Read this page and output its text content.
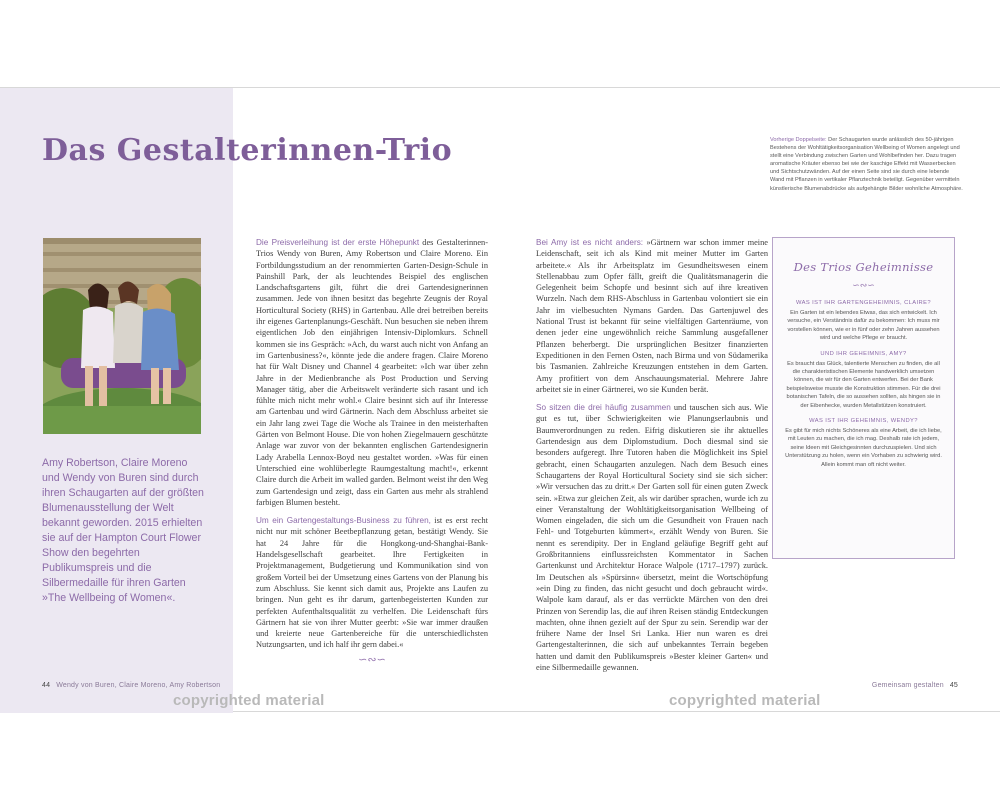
Das Gestalterinnen-Trio

Amy Robertson, Claire Moreno und Wendy von Buren sind durch ihren Schaugarten auf der größten Blumenausstellung der Welt bekannt geworden. 2015 erhielten sie auf der Hampton Court Flower Show den begehrten Publikumspreis und die Silbermedaille für ihren Garten »The Wellbeing of Women«.

Die Preisverleihung ist der erste Höhepunkt des Gestalterinnen-Trios Wendy von Buren, Amy Robertson und Claire Moreno. Ein Fortbildungsstudium an der renommierten Garten-Design-Schule in Painshill Park, der als leuchtendes Beispiel des englischen Landschaftsgartens gilt, führt die drei Gartendesignerinnen zusammen. Jede von ihnen besitzt das begehrte Zeugnis der Royal Horticultural Society (RHS) in Gartenbau. Alle drei betreiben bereits ihr eigenes Gartenplanungs-Geschäft. Nun besuchen sie neben ihrem eigentlichen Job den einjährigen Intensiv-Diplomkurs. Schnell kommen sie ins Gespräch: »Ach, du warst auch nicht von Anfang an im Gartenbusiness?«, könnte jede die andere fragen. Claire Moreno hat für Walt Disney und Channel 4 gearbeitet: »Ich war über zehn Jahre in der Medienbranche als Post Production und Serving Manager tätig, aber die Arbeitswelt veränderte sich rasant und ich fühlte mich nicht mehr wohl.« Claire besinnt sich auf ihr Interesse am Gartenbau und wird Gärtnerin. Nach dem Abschluss arbeitet sie ein Jahr lang zwei Tage die Woche als Trainee in den meisterhaften Gärten von Belmont House. Die von hohen Ziegelmauern geschützte Anlage war zuvor von der bekannten englischen Gartendesignerin Lady Arabella Lennox-Boyd neu gestaltet worden. »Was für einen Unterschied eine wohlüberlegte Raumgestaltung macht!«, erkennt Claire durch die Arbeit im walled garden. Belmont weist ihr den Weg zum Gartendesign und zeigt, dass ein Garten aus mehr als strahlend farbigen Blumen besteht.

Um ein Gartengestaltungs-Business zu führen, ist es erst recht nicht nur mit schöner Beetbepflanzung getan, bestätigt Wendy. Sie hat 24 Jahre für die Hongkong-und-Shanghai-Bank-Handelsgesellschaft gearbeitet. Ihre Fertigkeiten in Projektmanagement, Budgetierung und Kommunikation sind von großem Vorteil bei der Umsetzung eines Gartens von der Planung bis zum Abschluss. Sie kennt sich damit aus, Projekte ans Laufen zu bringen. Nun geht es ihr darum, gartenbegeisterten Kunden zur perfekten Aufenthaltsqualität zu verhelfen. Die Leidenschaft fürs Gärtnern hat sie von ihrer Mutter geerbt: »Sie war immer draußen und kreierte neue Gartenbereiche für die unterschiedlichsten Nutzungsarten, und ich half ihr gern dabei.«

∽∾∽

Bei Amy ist es nicht anders: »Gärtnern war schon immer meine Leidenschaft, seit ich als Kind mit meiner Mutter im Garten arbeitete.« Als ihr Arbeitsplatz im Gesundheitswesen einem Stellenabbau zum Opfer fällt, greift die Qualitätsmanagerin die Gelegenheit beim Schopfe und besinnt sich auf ihre kreativen Wurzeln. Nach dem RHS-Abschluss in Gartenbau volontiert sie ein Jahr im vielbesuchten Nymans Garden. Das Gartenjuwel des National Trust ist bekannt für seine vielfältigen Gartenräume, von denen jeder eine ungewöhnlich reiche Sammlung ausgefallener Pflanzen beherbergt. Die ursprünglichen Besitzer finanzierten Expeditionen in den Fernen Osten, nach Birma und von Südamerika bis Tasmanien. Zahlreiche Kreuzungen entstehen in dem Garten. Amy profitiert von dem Anschauungsmaterial. Mehrere Jahre arbeitet sie in einer Gärtnerei, wo sie Kunden berät.

So sitzen die drei häufig zusammen und tauschen sich aus. Wie gut es tut, über Schwierigkeiten wie Planungserlaubnis und Baumverordnungen zu reden. Eifrig diskutieren sie ihr aktuelles Gartendesign aus dem Diplomstudium. Doch diesmal sind sie besonders aufgeregt. Ihre Tutoren haben die Möglichkeit ins Spiel gebracht, einen Schaugarten anzulegen. Nach dem Besuch eines Schaugartens der Royal Horticultural Society sind sie sich sicher: »Wir versuchen das zu dritt.« Der Garten soll für einen guten Zweck sein. »Etwa zur gleichen Zeit, als wir darüber sprachen, wurde ich zu einer Veranstaltung der Wohltätigkeitsorganisation Wellbeing of Women eingeladen, die sich um die Gesundheit von Frauen nach Fehl- und Totgeburten kümmert«, erzählt Wendy von Buren. Sie nennt es serendipity. Der in England geläufige Begriff geht auf Großbritanniens einflussreichsten Kommentator in Sachen Gartenkunst und Architektur Horace Walpole (1717–1797) zurück. Im Deutschen als »Spürsinn« übersetzt, meint die Wortschöpfung »ein Ding zu finden, das nicht gesucht und doch gebraucht wird«. Walpole kam darauf, als er das verrückte Märchen von den drei Prinzen von Serendip las, die auf ihren Reisen ständig Entdeckungen machten, ohne ihnen gezielt auf der Spur zu sein. Serendip war der frühere Name der Insel Sri Lanka. Hier nun waren es drei Gartengestalterinnen, die sich auf unbekanntes Terrain begeben hatten und damit den Publikumspreis »Bester kleiner Garten« und eine Silbermedaille gewannen.

Vorherige Doppelseite: Der Schaugarten wurde anlässlich des 50-jährigen Bestehens der Wohltätigkeitsorganisation Wellbeing of Women angelegt und stellt eine Verbindung zwischen Garten und Wohlbefinden her. Dazu tragen aromatische Kräuter ebenso bei wie der kaschige Effekt mit Wasserbecken und Sichtschutzwänden. Auf der einen Seite sind sie durch eine lebende Wand mit Pflanzen in vertikaler Pflanztechnik beteiligt. Gegenüber vermitteln künstlerische Blumenabdrücke als aufgehängte Bilder wohnliche Atmosphäre.

Des Trios Geheimnisse
∽∾∽
WAS IST IHR GARTENGEHEIMNIS, CLAIRE?
Ein Garten ist ein lebendes Etwas, das sich entwickelt. Ich versuche, ein Verständnis dafür zu bekommen: Ich muss mir vorstellen können, wie er in fünf oder zehn Jahren aussehen wird und welche Pflege er braucht.
UND IHR GEHEIMNIS, AMY?
Es braucht das Glück, talentierte Menschen zu finden, die all die charakteristischen Elemente handwerklich umsetzen können, die wir für den Garten entwerfen. Bei der Bank beispielsweise musste die Konstruktion stimmen. Für die drei botanischen Tafeln, die so aussehen sollten, als hingen sie in der Eibenhecke, wurden Metallstützen konstruiert.
WAS IST IHR GEHEIMNIS, WENDY?
Es gibt für mich nichts Schöneres als eine Arbeit, die ich liebe, mit Leuten zu machen, die ich mag. Deshalb rate ich jedem, seine Ideen mit Gleichgesinnten durchzuspielen. Und sich Unterstützung zu holen, wenn ein Vorhaben zu schwierig wird. Allein kommt man oft nicht weiter.
44 Wendy von Buren, Claire Moreno, Amy Robertson	Gemeinsam gestalten 45
copyrighted material	copyrighted material
